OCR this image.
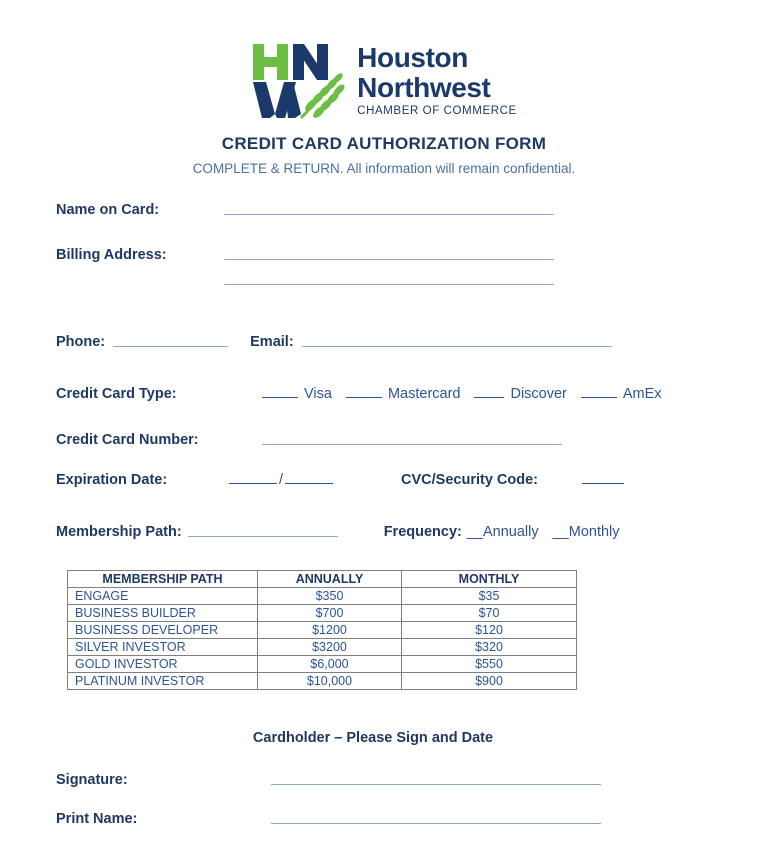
Houston
Northwest
CHAMBER OF COMMERCE
CREDIT CARD AUTHORIZATION FORM
COMPLETE & RETURN. All information will remain confidential.
Name on Card:
Billing Address:
Phone:	Email:
Credit Card Type:	Visa	Mastercard	Discover	AmEx
Credit Card Number:
Expiration Date:	/	CVC/Security Code:
Membership Path:	Frequency: __Annually __Monthly
MEMBERSHIP PATH	ANNUALLY	MONTHLY
ENGAGE	$350	$35
BUSINESS BUILDER	$700	$70
BUSINESS DEVELOPER	$1200	$120
SILVER INVESTOR	$3200	$320
GOLD INVESTOR	$6,000	$550
PLATINUM INVESTOR	$10,000	$900
Cardholder – Please Sign and Date
Signature:
Print Name:
